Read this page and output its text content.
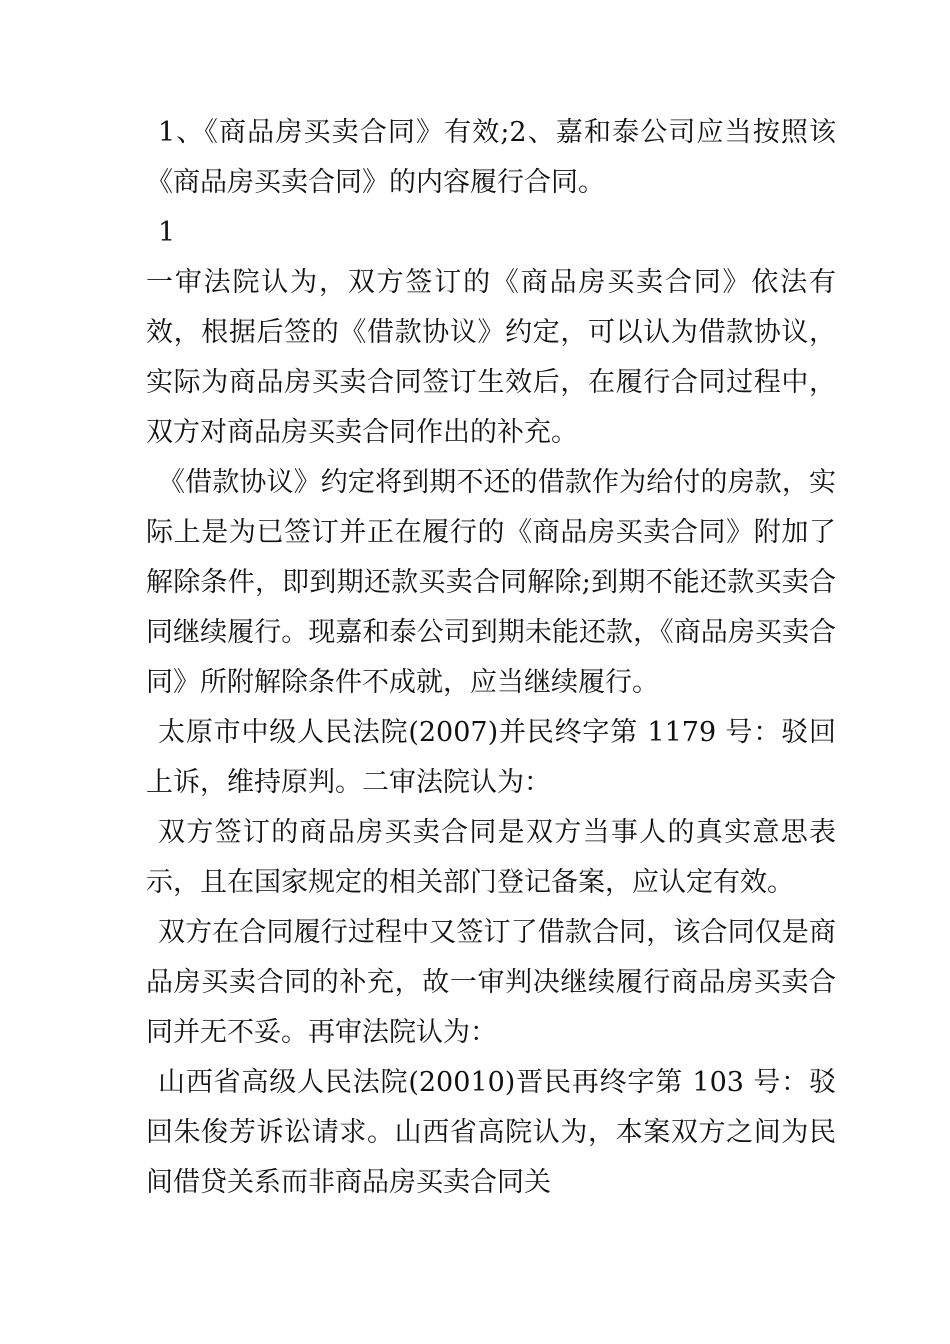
1、《商品房买卖合同》有效;2、嘉和泰公司应当按照该《商品房买卖合同》的内容履行合同。

1

一审法院认为，双方签订的《商品房买卖合同》依法有效，根据后签的《借款协议》约定，可以认为借款协议，实际为商品房买卖合同签订生效后，在履行合同过程中，双方对商品房买卖合同作出的补充。

《借款协议》约定将到期不还的借款作为给付的房款，实际上是为已签订并正在履行的《商品房买卖合同》附加了解除条件，即到期还款买卖合同解除;到期不能还款买卖合同继续履行。现嘉和泰公司到期未能还款，《商品房买卖合同》所附解除条件不成就，应当继续履行。

太原市中级人民法院(2007)并民终字第 1179 号：驳回上诉，维持原判。二审法院认为：

双方签订的商品房买卖合同是双方当事人的真实意思表示，且在国家规定的相关部门登记备案，应认定有效。

双方在合同履行过程中又签订了借款合同，该合同仅是商品房买卖合同的补充，故一审判决继续履行商品房买卖合同并无不妥。再审法院认为：

山西省高级人民法院(20010)晋民再终字第 103 号：驳回朱俊芳诉讼请求。山西省高院认为，本案双方之间为民间借贷关系而非商品房买卖合同关
